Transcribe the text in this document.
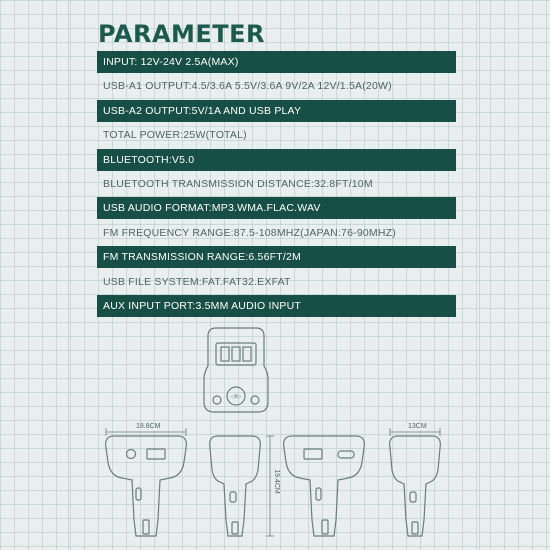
PARAMETER
INPUT: 12V-24V 2.5A(MAX)
USB-A1 OUTPUT:4.5/3.6A 5.5V/3.6A 9V/2A 12V/1.5A(20W)
USB-A2 OUTPUT:5V/1A AND USB PLAY
TOTAL POWER:25W(TOTAL)
BLUETOOTH:V5.0
BLUETOOTH TRANSMISSION DISTANCE:32.8FT/10M
USB AUDIO FORMAT:MP3.WMA.FLAC.WAV
FM FREQUENCY RANGE:87.5-108MHZ(JAPAN:76-90MHZ)
FM TRANSMISSION RANGE:6.56FT/2M
USB FILE SYSTEM:FAT.FAT32.EXFAT
AUX INPUT PORT:3.5MM AUDIO INPUT
◁II▷
18.8CM
19.4CM
13CM
